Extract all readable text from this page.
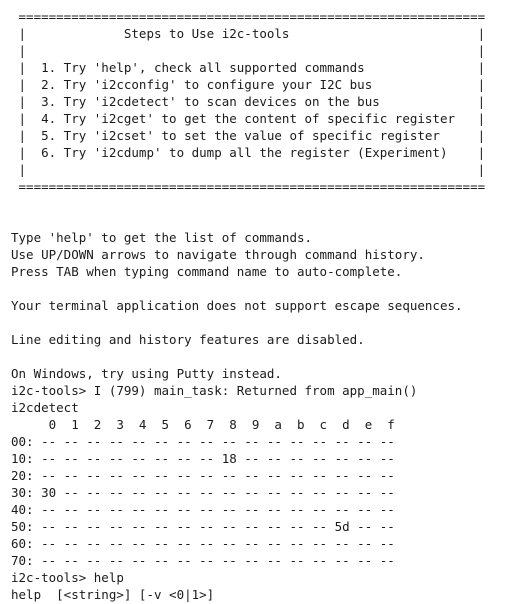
==============================================================
|             Steps to Use i2c-tools                         |
|                                                            |
|  1. Try 'help', check all supported commands               |
|  2. Try 'i2cconfig' to configure your I2C bus              |
|  3. Try 'i2cdetect' to scan devices on the bus             |
|  4. Try 'i2cget' to get the content of specific register   |
|  5. Try 'i2cset' to set the value of specific register     |
|  6. Try 'i2cdump' to dump all the register (Experiment)    |
|                                                            |
==============================================================
Type 'help' to get the list of commands.
Use UP/DOWN arrows to navigate through command history.
Press TAB when typing command name to auto-complete.
Your terminal application does not support escape sequences.
Line editing and history features are disabled.
On Windows, try using Putty instead.
i2c-tools> I (799) main_task: Returned from app_main()
i2cdetect
0  1  2  3  4  5  6  7  8  9  a  b  c  d  e  f
00: -- -- -- -- -- -- -- -- -- -- -- -- -- -- -- --
10: -- -- -- -- -- -- -- -- 18 -- -- -- -- -- -- --
20: -- -- -- -- -- -- -- -- -- -- -- -- -- -- -- --
30: 30 -- -- -- -- -- -- -- -- -- -- -- -- -- -- --
40: -- -- -- -- -- -- -- -- -- -- -- -- -- -- -- --
50: -- -- -- -- -- -- -- -- -- -- -- -- -- 5d -- --
60: -- -- -- -- -- -- -- -- -- -- -- -- -- -- -- --
70: -- -- -- -- -- -- -- -- -- -- -- -- -- -- -- --
i2c-tools> help
help  [<string>] [-v <0|1>]
